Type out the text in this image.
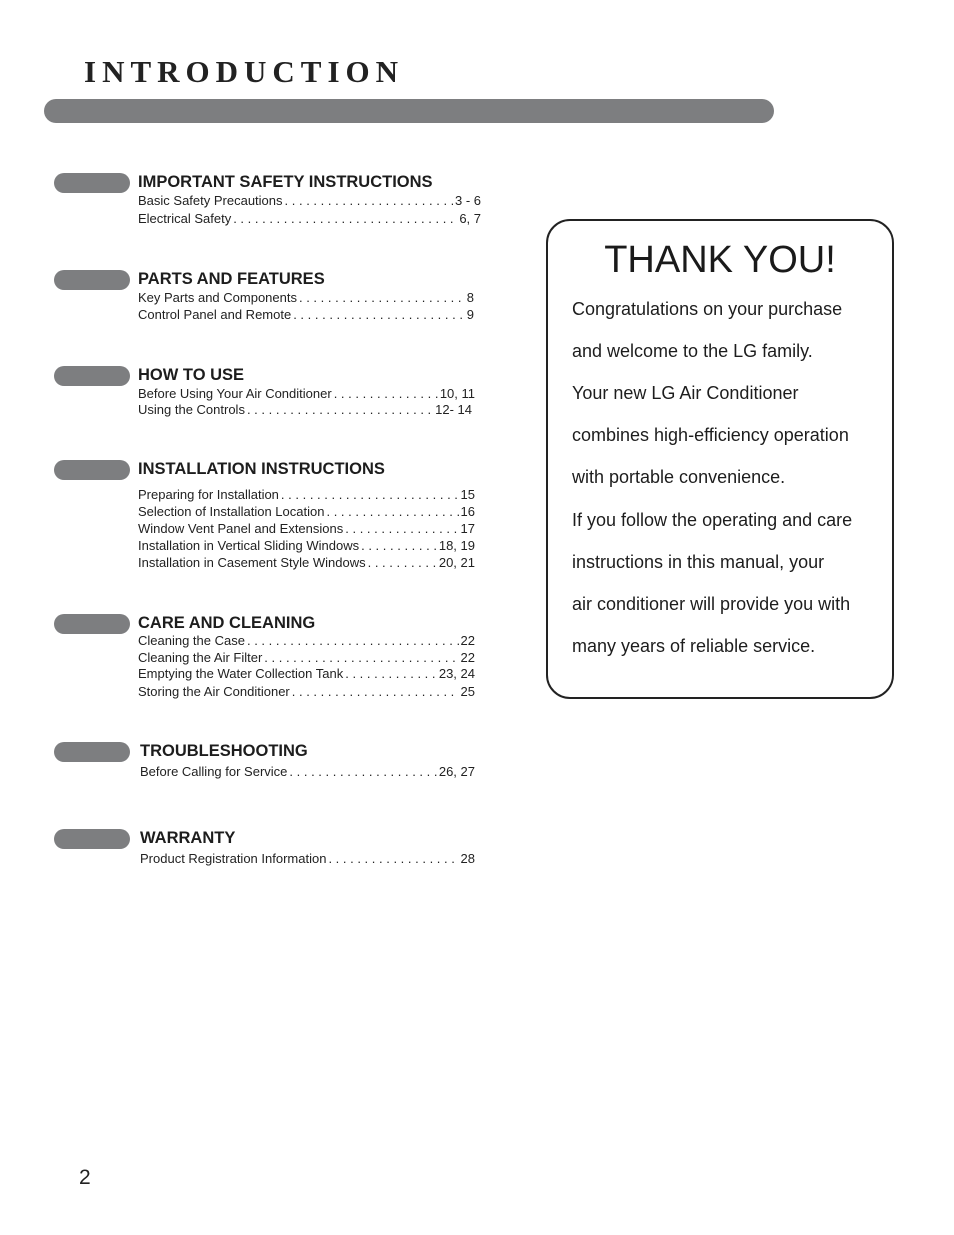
INTRODUCTION
IMPORTANT SAFETY INSTRUCTIONS
Basic Safety Precautions . . .	3 - 6
Electrical Safety . . .	6, 7
PARTS AND FEATURES
Key Parts and Components . . .	8
Control Panel and Remote . . .	9
HOW TO USE
Before Using Your Air Conditioner . . .	10, 11
Using the Controls . . .	12- 14
INSTALLATION INSTRUCTIONS
Preparing for Installation . . .	15
Selection of Installation Location . . .	16
Window Vent Panel and Extensions . . .	17
Installation in Vertical Sliding Windows . . .	18, 19
Installation in Casement Style Windows . . .	20, 21
CARE AND CLEANING
Cleaning the Case . . .	22
Cleaning the Air Filter . . .	22
Emptying the Water Collection Tank . . .	23, 24
Storing the Air Conditioner . . .	25
TROUBLESHOOTING
Before Calling for Service . . .	26, 27
WARRANTY
Product Registration Information . . .	28
THANK YOU!
Congratulations on your purchase
and welcome to the LG family.
Your new LG Air Conditioner
combines high-efficiency operation
with portable convenience.
If you follow the operating and care
instructions in this manual, your
air conditioner will provide you with
many years of reliable service.
2
